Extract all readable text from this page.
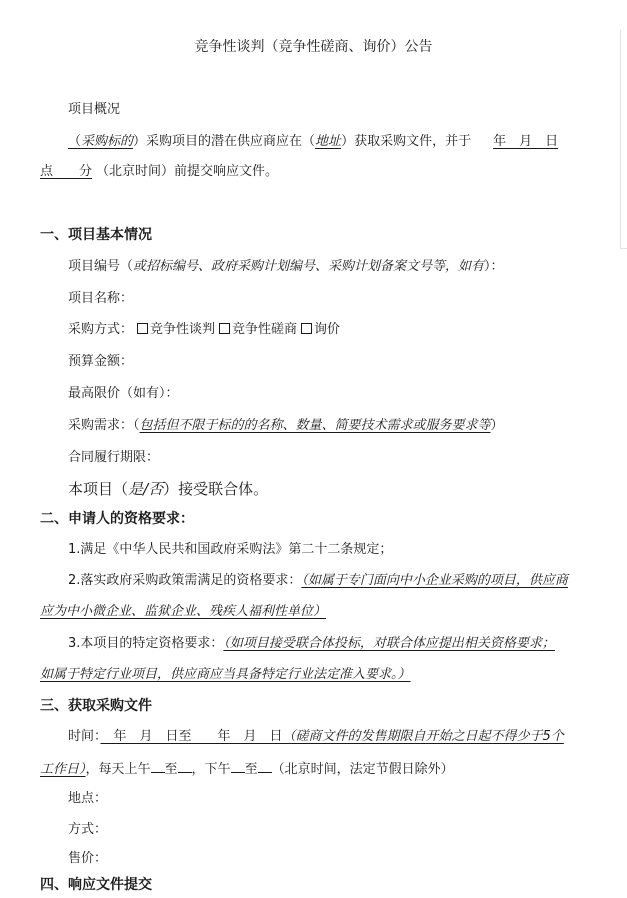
竞争性谈判（竞争性磋商、询价）公告
项目概况
（采购标的）采购项目的潜在供应商应在（地址）获取采购文件，并于 年　月　日
点　　分 （北京时间）前提交响应文件。
一、项目基本情况
项目编号（或招标编号、政府采购计划编号、采购计划备案文号等，如有）：
项目名称：
采购方式： 竞争性谈判 竞争性磋商 询价
预算金额：
最高限价（如有）：
采购需求：（包括但不限于标的的名称、数量、简要技术需求或服务要求等）
合同履行期限：
本项目（是/否）接受联合体。
二、申请人的资格要求：
1.满足《中华人民共和国政府采购法》第二十二条规定；
2.落实政府采购政策需满足的资格要求：（如属于专门面向中小企业采购的项目，供应商
应为中小微企业、监狱企业、残疾人福利性单位）
3.本项目的特定资格要求：（如项目接受联合体投标，对联合体应提出相关资格要求；
如属于特定行业项目，供应商应当具备特定行业法定准入要求。）
三、获取采购文件
时间：　年　月　日至　　年　月　日（磋商文件的发售期限自开始之日起不得少于5个
工作日），每天上午 至 ，下午 至 （北京时间，法定节假日除外）
地点：
方式：
售价：
四、响应文件提交
